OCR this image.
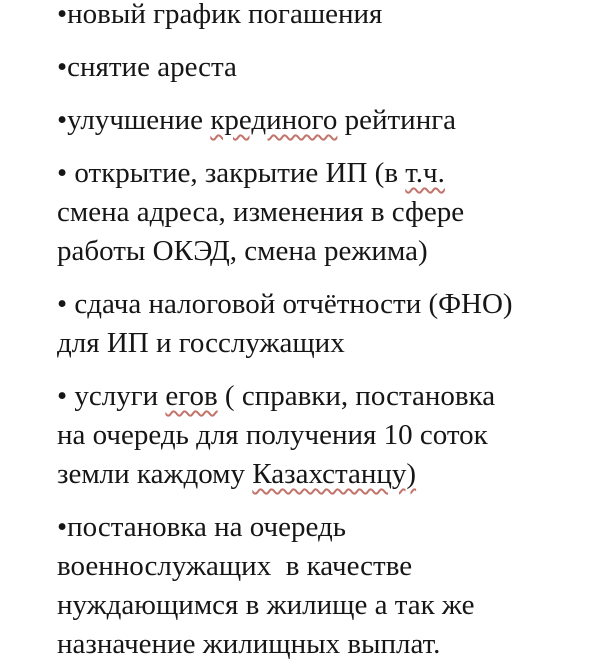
•новый график погашения
•снятие ареста
•улучшение крединого рейтинга
• открытие, закрытие ИП (в т.ч.
смена адреса, изменения в сфере
работы ОКЭД, смена режима)
• сдача налоговой отчётности (ФНО)
для ИП и госслужащих
• услуги егов ( справки, постановка
на очередь для получения 10 соток
земли каждому Казахстанцу)
•постановка на очередь
военнослужащих  в качестве
нуждающимся в жилище а так же
назначение жилищных выплат.
